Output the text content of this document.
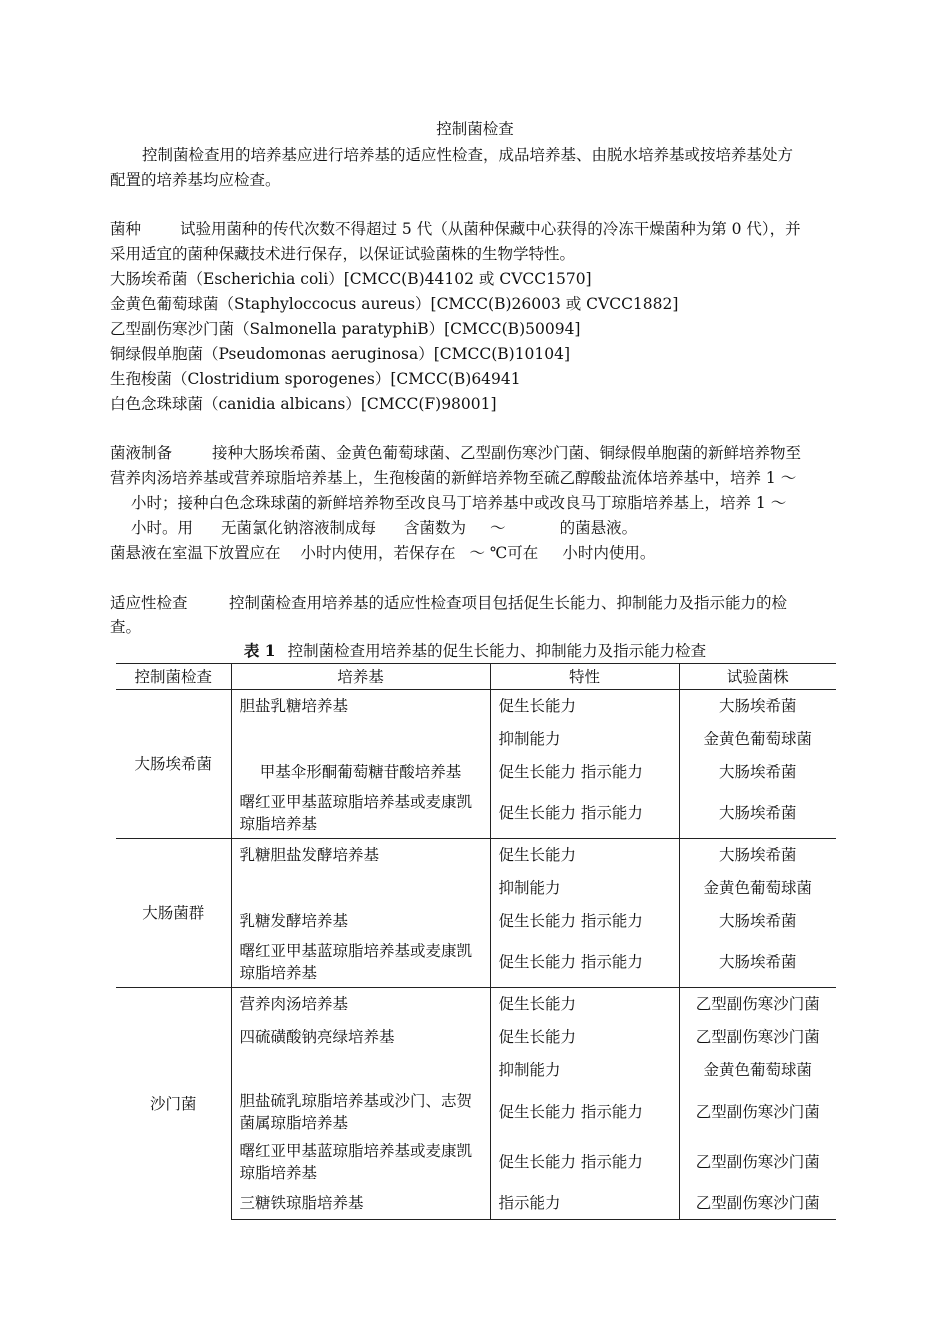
控制菌检查
控制菌检查用的培养基应进行培养基的适应性检查，成品培养基、由脱水培养基或按培养基处方
配置的培养基均应检查。
菌种	试验用菌种的传代次数不得超过 5 代（从菌种保藏中心获得的冷冻干燥菌种为第 0 代），并
采用适宜的菌种保藏技术进行保存，以保证试验菌株的生物学特性。
大肠埃希菌（Escherichia coli）[CMCC(B)44102 或 CVCC1570]
金黄色葡萄球菌（Staphyloccocus aureus）[CMCC(B)26003 或 CVCC1882]
乙型副伤寒沙门菌（Salmonella paratyphiB）[CMCC(B)50094]
铜绿假单胞菌（Pseudomonas aeruginosa）[CMCC(B)10104]
生孢梭菌（Clostridium sporogenes）[CMCC(B)64941
白色念珠球菌（canidia albicans）[CMCC(F)98001]
菌液制备	接种大肠埃希菌、金黄色葡萄球菌、乙型副伤寒沙门菌、铜绿假单胞菌的新鲜培养物至
营养肉汤培养基或营养琼脂培养基上，生孢梭菌的新鲜培养物至硫乙醇酸盐流体培养基中，培养 1 ～
小时；接种白色念珠球菌的新鲜培养物至改良马丁培养基中或改良马丁琼脂培养基上，培养 1 ～
小时。用 无菌氯化钠溶液制成每 含菌数为 ～	的菌悬液。
菌悬液在室温下放置应在 小时内使用，若保存在 ～ ℃可在 小时内使用。
适应性检查	控制菌检查用培养基的适应性检查项目包括促生长能力、抑制能力及指示能力的检
查。
表 1 控制菌检查用培养基的促生长能力、抑制能力及指示能力检查
控制菌检查	培养基	特性	试验菌株
大肠埃希菌	胆盐乳糖培养基	促生长能力	大肠埃希菌
		抑制能力	金黄色葡萄球菌
	甲基伞形酮葡萄糖苷酸培养基	促生长能力 指示能力	大肠埃希菌
	曙红亚甲基蓝琼脂培养基或麦康凯琼脂培养基	促生长能力 指示能力	大肠埃希菌
大肠菌群	乳糖胆盐发酵培养基	促生长能力	大肠埃希菌
		抑制能力	金黄色葡萄球菌
	乳糖发酵培养基	促生长能力 指示能力	大肠埃希菌
	曙红亚甲基蓝琼脂培养基或麦康凯琼脂培养基	促生长能力 指示能力	大肠埃希菌
沙门菌	营养肉汤培养基	促生长能力	乙型副伤寒沙门菌
	四硫磺酸钠亮绿培养基	促生长能力	乙型副伤寒沙门菌
		抑制能力	金黄色葡萄球菌
	胆盐硫乳琼脂培养基或沙门、志贺菌属琼脂培养基	促生长能力 指示能力	乙型副伤寒沙门菌
	曙红亚甲基蓝琼脂培养基或麦康凯琼脂培养基	促生长能力 指示能力	乙型副伤寒沙门菌
	三糖铁琼脂培养基	指示能力	乙型副伤寒沙门菌
